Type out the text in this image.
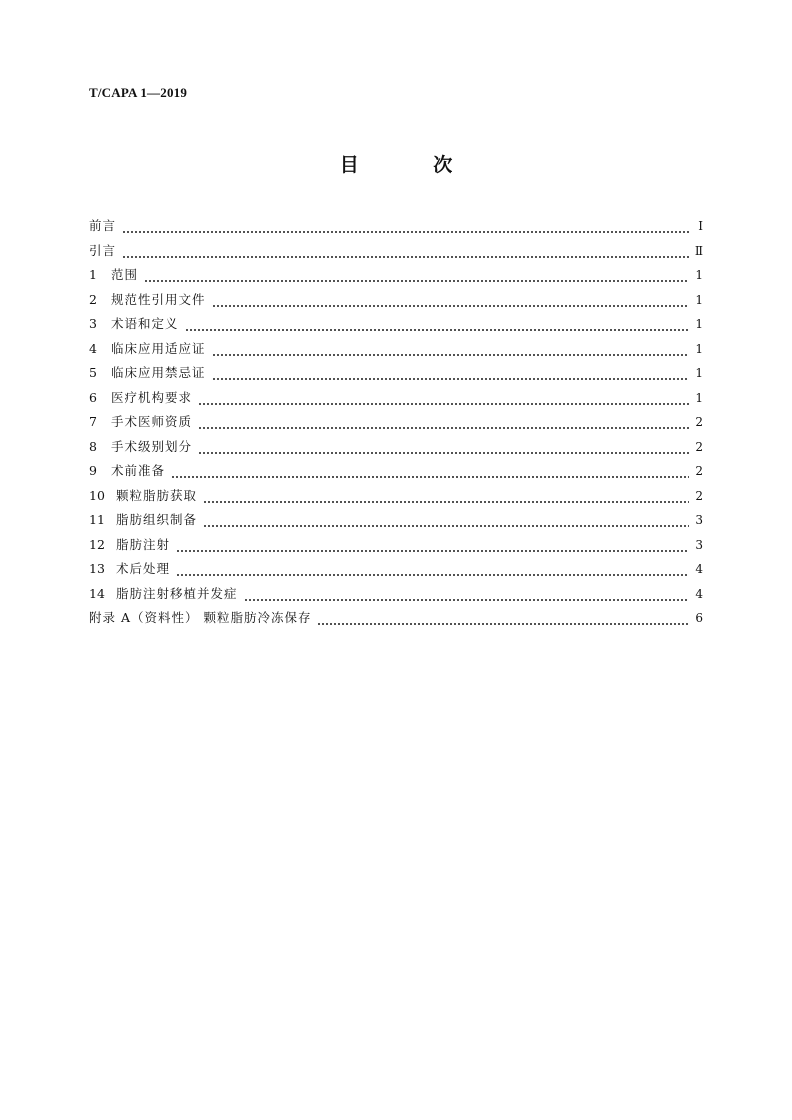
T/CAPA 1—2019
目 次
前言	Ⅰ
引言	Ⅱ
1	范围	1
2	规范性引用文件	1
3	术语和定义	1
4	临床应用适应证	1
5	临床应用禁忌证	1
6	医疗机构要求	1
7	手术医师资质	2
8	手术级别划分	2
9	术前准备	2
10 颗粒脂肪获取	2
11 脂肪组织制备	3
12 脂肪注射	3
13 术后处理	4
14 脂肪注射移植并发症	4
附录 A（资料性） 颗粒脂肪冷冻保存	6
